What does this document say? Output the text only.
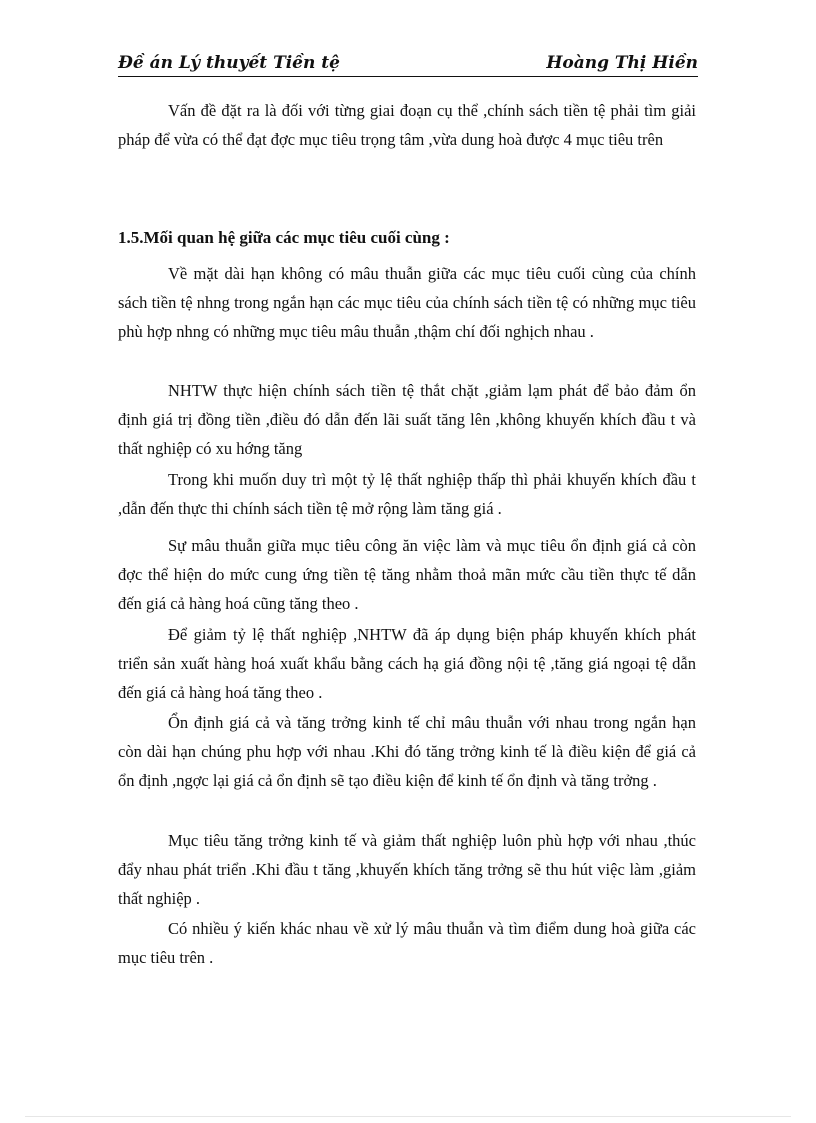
Đề án Lý thuyết Tiền tệ	Hoàng Thị Hiền

Vấn đề đặt ra là đối với từng giai đoạn cụ thể ,chính sách tiền tệ phải tìm giải pháp để vừa có thể đạt đợc mục tiêu trọng tâm ,vừa dung hoà được 4 mục tiêu trên

1.5.Mối quan hệ giữa các mục tiêu cuối cùng :

Về mặt dài hạn không có mâu thuẫn giữa các mục tiêu cuối cùng của chính sách tiền tệ nhng trong ngắn hạn các mục tiêu của chính sách tiền tệ có những mục tiêu phù hợp nhng có những mục tiêu mâu thuẫn ,thậm chí đối nghịch nhau .

NHTW thực hiện chính sách tiền tệ thắt chặt ,giảm lạm phát để bảo đảm ổn định giá trị đồng tiền ,điều đó dẫn đến lãi suất tăng lên ,không khuyến khích đầu t và thất nghiệp có xu hớng tăng

Trong khi muốn duy trì một tỷ lệ thất nghiệp thấp thì phải khuyến khích đầu t ,dẫn đến thực thi chính sách tiền tệ mở rộng làm tăng giá .

Sự mâu thuẫn giữa mục tiêu công ăn việc làm và mục tiêu ổn định giá cả còn đợc thể hiện do mức cung ứng tiền tệ tăng nhằm thoả mãn mức cầu tiền thực tế dẫn đến giá cả hàng hoá cũng tăng theo .

Để giảm tỷ lệ thất nghiệp ,NHTW đã áp dụng biện pháp khuyến khích phát triển sản xuất hàng hoá xuất khẩu bằng cách hạ giá đồng nội tệ ,tăng giá ngoại tệ dẫn đến giá cả hàng hoá tăng theo .

Ổn định giá cả và tăng trởng kinh tế chỉ mâu thuẫn với nhau trong ngắn hạn còn dài hạn chúng phu hợp với nhau .Khi đó tăng trởng kinh tế là điều kiện để giá cả ổn định ,ngợc lại giá cả ổn định sẽ tạo điều kiện để kinh tế ổn định và tăng trởng .

Mục tiêu tăng trởng kinh tế và giảm thất nghiệp luôn phù hợp với nhau ,thúc đẩy nhau phát triển .Khi đầu t tăng ,khuyến khích tăng trởng sẽ thu hút việc làm ,giảm thất nghiệp .

Có nhiều ý kiến khác nhau về xử lý mâu thuẫn và tìm điểm dung hoà giữa các mục tiêu trên .
